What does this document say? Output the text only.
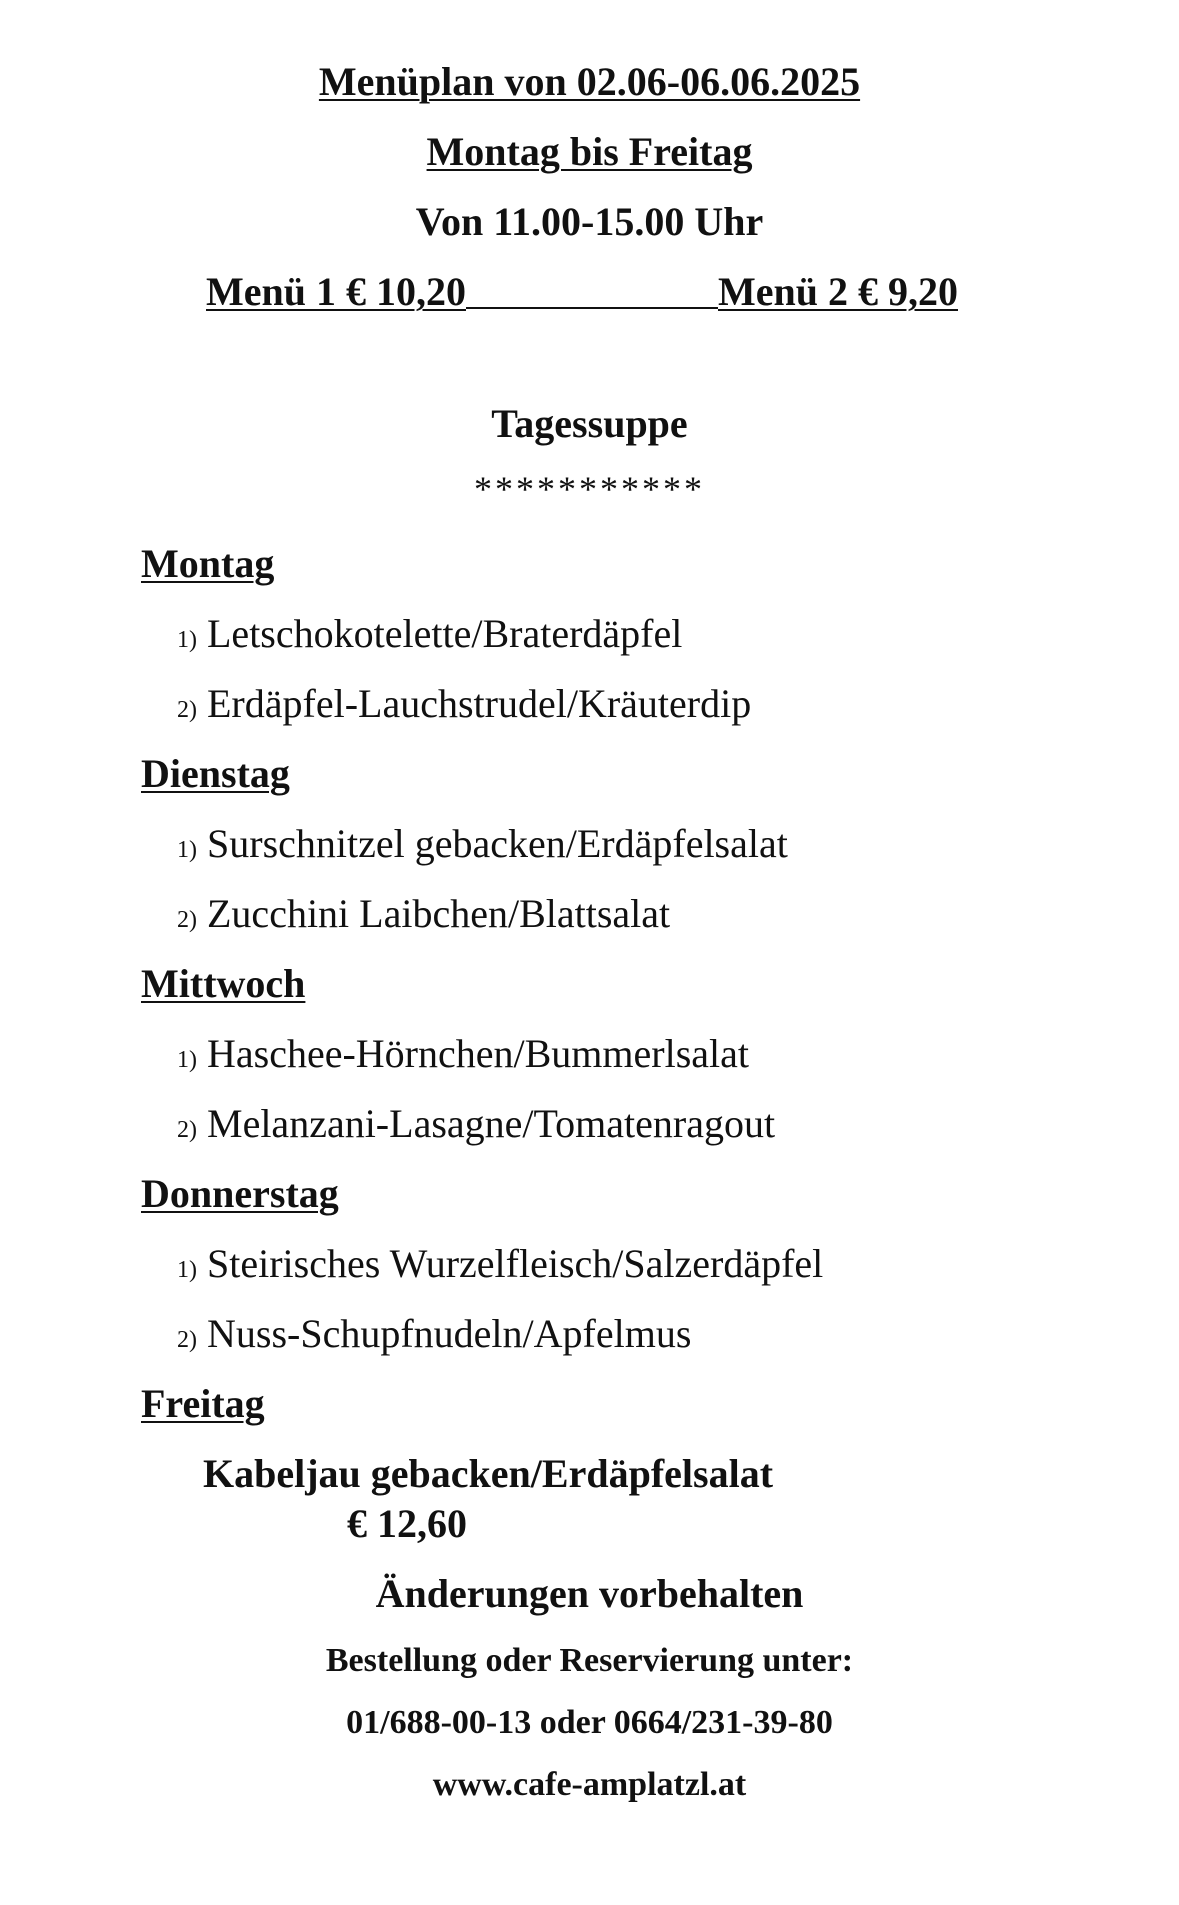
Menüplan von 02.06-06.06.2025
Montag bis Freitag
Von 11.00-15.00 Uhr
Menü 1 € 10,20	Menü 2 € 9,20
Tagessuppe
***********
Montag
1) Letschokotelette/Braterdäpfel
2) Erdäpfel-Lauchstrudel/Kräuterdip
Dienstag
1) Surschnitzel gebacken/Erdäpfelsalat
2) Zucchini Laibchen/Blattsalat
Mittwoch
1) Haschee-Hörnchen/Bummerlsalat
2) Melanzani-Lasagne/Tomatenragout
Donnerstag
1) Steirisches Wurzelfleisch/Salzerdäpfel
2) Nuss-Schupfnudeln/Apfelmus
Freitag
Kabeljau gebacken/Erdäpfelsalat
€ 12,60
Änderungen vorbehalten
Bestellung oder Reservierung unter:
01/688-00-13 oder 0664/231-39-80
www.cafe-amplatzl.at
